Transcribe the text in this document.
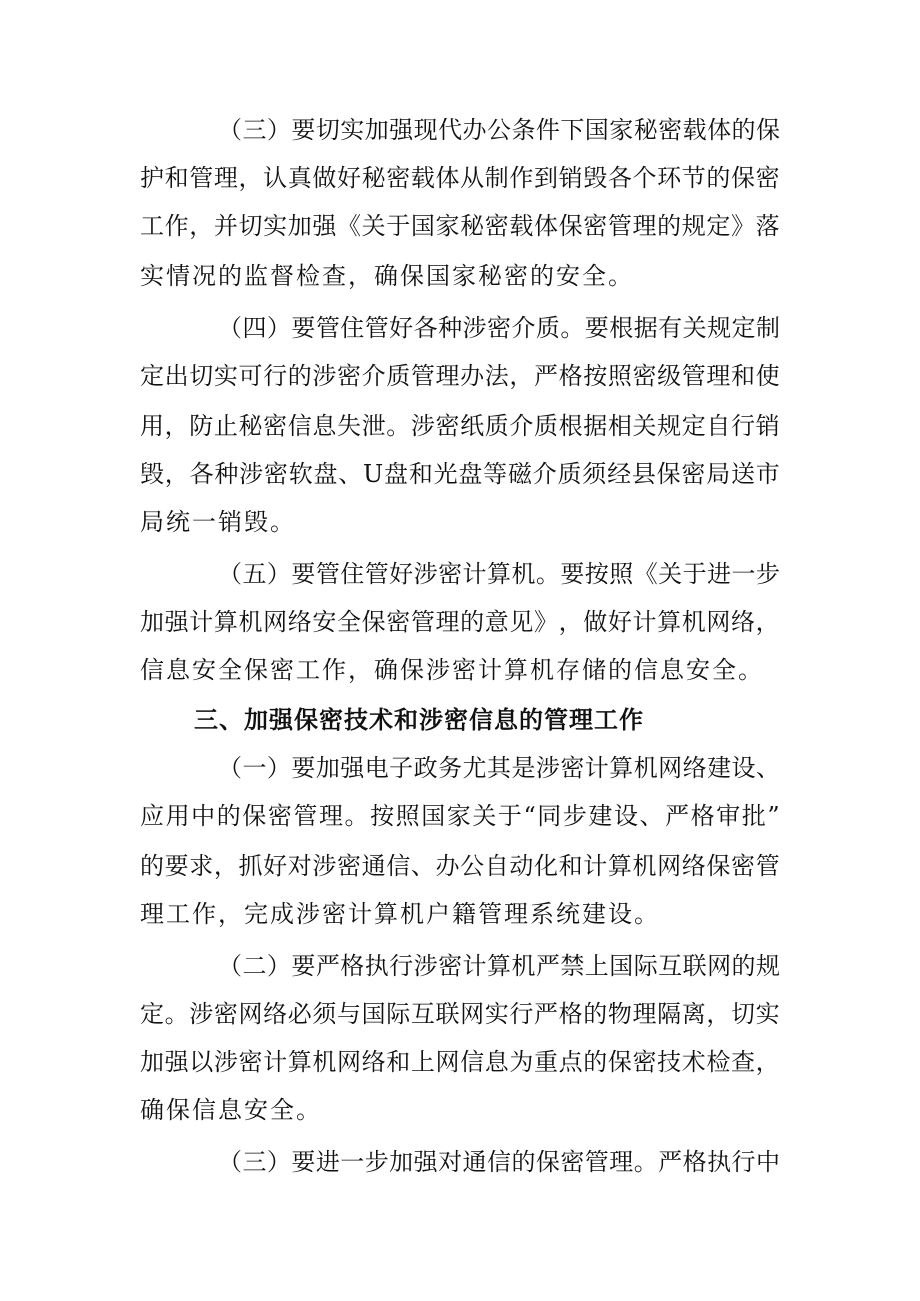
（ 三 ） 要 切 实 加 强 现 代 办 公 条 件 下 国 家 秘 密 载 体 的 保
护 和 管 理 ， 认 真 做 好 秘 密 载 体 从 制 作 到 销 毁 各 个 环 节 的 保 密
工 作 ， 并 切 实 加 强 《 关 于 国 家 秘 密 载 体 保 密 管 理 的 规 定 》 落
实情况的监督检查，确保国家秘密的安全。
（ 四 ） 要 管 住 管 好 各 种 涉 密 介 质 。 要 根 据 有 关 规 定 制
定 出 切 实 可 行 的 涉 密 介 质 管 理 办 法 ， 严 格 按 照 密 级 管 理 和 使
用 ， 防 止 秘 密 信 息 失 泄 。 涉 密 纸 质 介 质 根 据 相 关 规 定 自 行 销
毁 ， 各 种 涉 密 软 盘 、 U 盘 和 光 盘 等 磁 介 质 须 经 县 保 密 局 送 市
局统一销毁。
（ 五 ） 要 管 住 管 好 涉 密 计 算 机 。 要 按 照 《 关 于 进 一 步
加 强 计 算 机 网 络 安 全 保 密 管 理 的 意 见 》 ， 做 好 计 算 机 网 络 ，
信息安全保密工作，确保涉密计算机存储的信息安全。
三、加强保密技术和涉密信息的管理工作
（ 一 ） 要 加 强 电 子 政 务 尤 其 是 涉 密 计 算 机 网 络 建 设 、
应 用 中 的 保 密 管 理 。 按 照 国 家 关 于 “ 同 步 建 设 、 严 格 审 批 ”
的 要 求 ， 抓 好 对 涉 密 通 信 、 办 公 自 动 化 和 计 算 机 网 络 保 密 管
理工作，完成涉密计算机户籍管理系统建设。
（ 二 ） 要 严 格 执 行 涉 密 计 算 机 严 禁 上 国 际 互 联 网 的 规
定 。 涉 密 网 络 必 须 与 国 际 互 联 网 实 行 严 格 的 物 理 隔 离 ， 切 实
加 强 以 涉 密 计 算 机 网 络 和 上 网 信 息 为 重 点 的 保 密 技 术 检 查 ，
确保信息安全。
（ 三 ） 要 进 一 步 加 强 对 通 信 的 保 密 管 理 。 严 格 执 行 中
